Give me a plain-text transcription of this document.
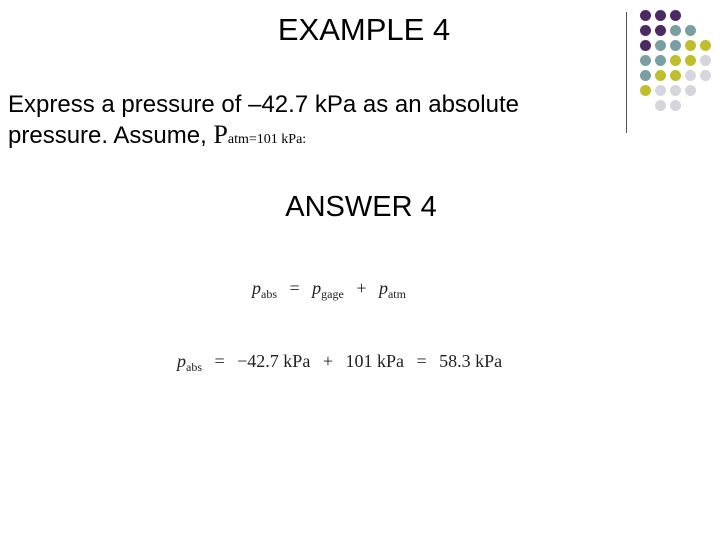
EXAMPLE 4
Express a pressure of –42.7 kPa as an absolute pressure. Assume, Patm=101 kPa:
ANSWER 4
$p_{abs} = p_{gage} + p_{atm}$
$p_{abs} = -42.7$ kPa + 101 kPa = 58.3 kPa
